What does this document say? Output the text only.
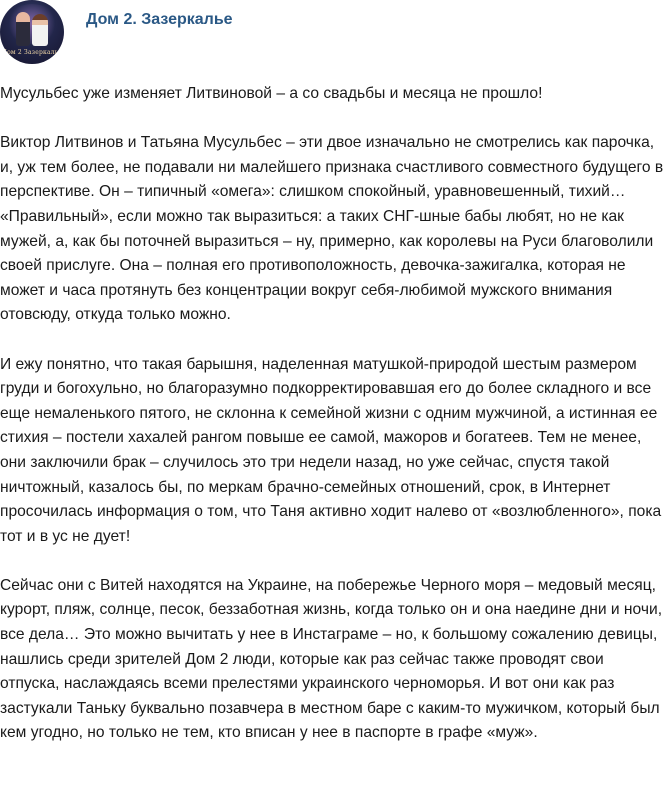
Дом 2 Зазеркалье
Дом 2. Зазеркалье

Мусульбес уже изменяет Литвиновой – а со свадьбы и месяца не прошло!

Виктор Литвинов и Татьяна Мусульбес – эти двое изначально не смотрелись как парочка, и, уж тем более, не подавали ни малейшего признака счастливого совместного будущего в перспективе. Он – типичный «омега»: слишком спокойный, уравновешенный, тихий… «Правильный», если можно так выразиться: а таких СНГ-шные бабы любят, но не как мужей, а, как бы поточней выразиться – ну, примерно, как королевы на Руси благоволили своей прислуге. Она – полная его противоположность, девочка-зажигалка, которая не может и часа протянуть без концентрации вокруг себя-любимой мужского внимания отовсюду, откуда только можно.

И ежу понятно, что такая барышня, наделенная матушкой-природой шестым размером груди и богохульно, но благоразумно подкорректировавшая его до более складного и все еще немаленького пятого, не склонна к семейной жизни с одним мужчиной, а истинная ее стихия – постели хахалей рангом повыше ее самой, мажоров и богатеев. Тем не менее, они заключили брак – случилось это три недели назад, но уже сейчас, спустя такой ничтожный, казалось бы, по меркам брачно-семейных отношений, срок, в Интернет просочилась информация о том, что Таня активно ходит налево от «возлюбленного», пока тот и в ус не дует!

Сейчас они с Витей находятся на Украине, на побережье Черного моря – медовый месяц, курорт, пляж, солнце, песок, беззаботная жизнь, когда только он и она наедине дни и ночи, все дела… Это можно вычитать у нее в Инстаграме – но, к большому сожалению девицы, нашлись среди зрителей Дом 2 люди, которые как раз сейчас также проводят свои отпуска, наслаждаясь всеми прелестями украинского черноморья. И вот они как раз застукали Таньку буквально позавчера в местном баре с каким-то мужичком, который был кем угодно, но только не тем, кто вписан у нее в паспорте в графе «муж».
